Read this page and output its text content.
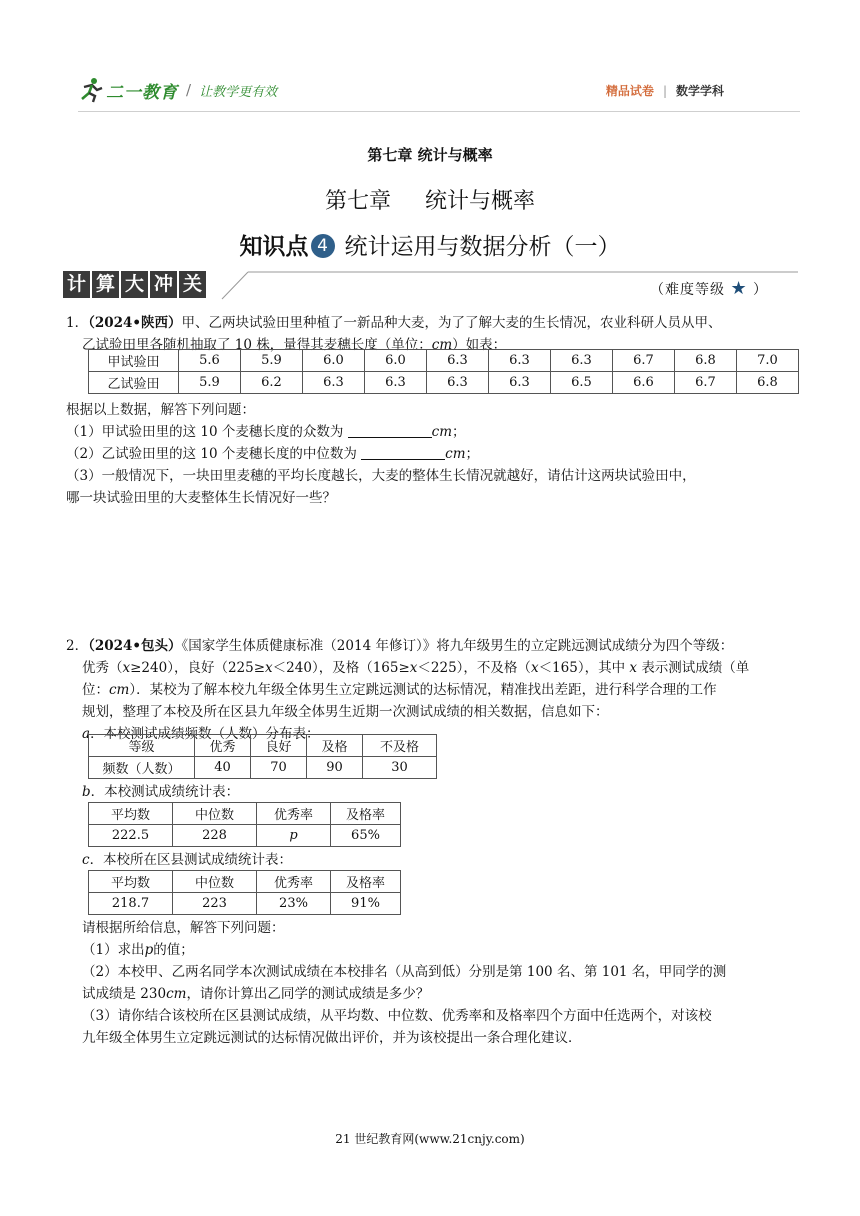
二一教育 / 让教学更有效	精品试卷 | 数学学科
第七章 统计与概率
第七章 统计与概率
知识点 4 统计运用与数据分析（一）
计 算 大 冲 关	（难度等级 ★ ）
1．（2024•陕西）甲、乙两块试验田里种植了一新品种大麦，为了了解大麦的生长情况，农业科研人员从甲、
乙试验田里各随机抽取了 10 株，量得其麦穗长度（单位：cm）如表：
甲试验田	5.6	5.9	6.0	6.0	6.3	6.3	6.3	6.7	6.8	7.0
乙试验田	5.9	6.2	6.3	6.3	6.3	6.3	6.5	6.6	6.7	6.8
根据以上数据，解答下列问题：
（1）甲试验田里的这 10 个麦穗长度的众数为	cm；
（2）乙试验田里的这 10 个麦穗长度的中位数为	cm；
（3）一般情况下，一块田里麦穗的平均长度越长，大麦的整体生长情况就越好，请估计这两块试验田中，
哪一块试验田里的大麦整体生长情况好一些？
2．（2024•包头）《国家学生体质健康标准（2014 年修订）》将九年级男生的立定跳远测试成绩分为四个等级：
优秀（x≥240），良好（225≥x＜240），及格（165≥x＜225），不及格（x＜165），其中 x 表示测试成绩（单
位：cm）．某校为了解本校九年级全体男生立定跳远测试的达标情况，精准找出差距，进行科学合理的工作
规划，整理了本校及所在区县九年级全体男生近期一次测试成绩的相关数据，信息如下：
a．本校测试成绩频数（人数）分布表：
等级	优秀	良好	及格	不及格
频数（人数）	40	70	90	30
b．本校测试成绩统计表：
平均数	中位数	优秀率	及格率
222.5	228	p	65%
c．本校所在区县测试成绩统计表：
平均数	中位数	优秀率	及格率
218.7	223	23%	91%
请根据所给信息，解答下列问题：
（1）求出p的值；
（2）本校甲、乙两名同学本次测试成绩在本校排名（从高到低）分别是第 100 名、第 101 名，甲同学的测
试成绩是 230cm，请你计算出乙同学的测试成绩是多少？
（3）请你结合该校所在区县测试成绩，从平均数、中位数、优秀率和及格率四个方面中任选两个，对该校
九年级全体男生立定跳远测试的达标情况做出评价，并为该校提出一条合理化建议．
21 世纪教育网(www.21cnjy.com)
